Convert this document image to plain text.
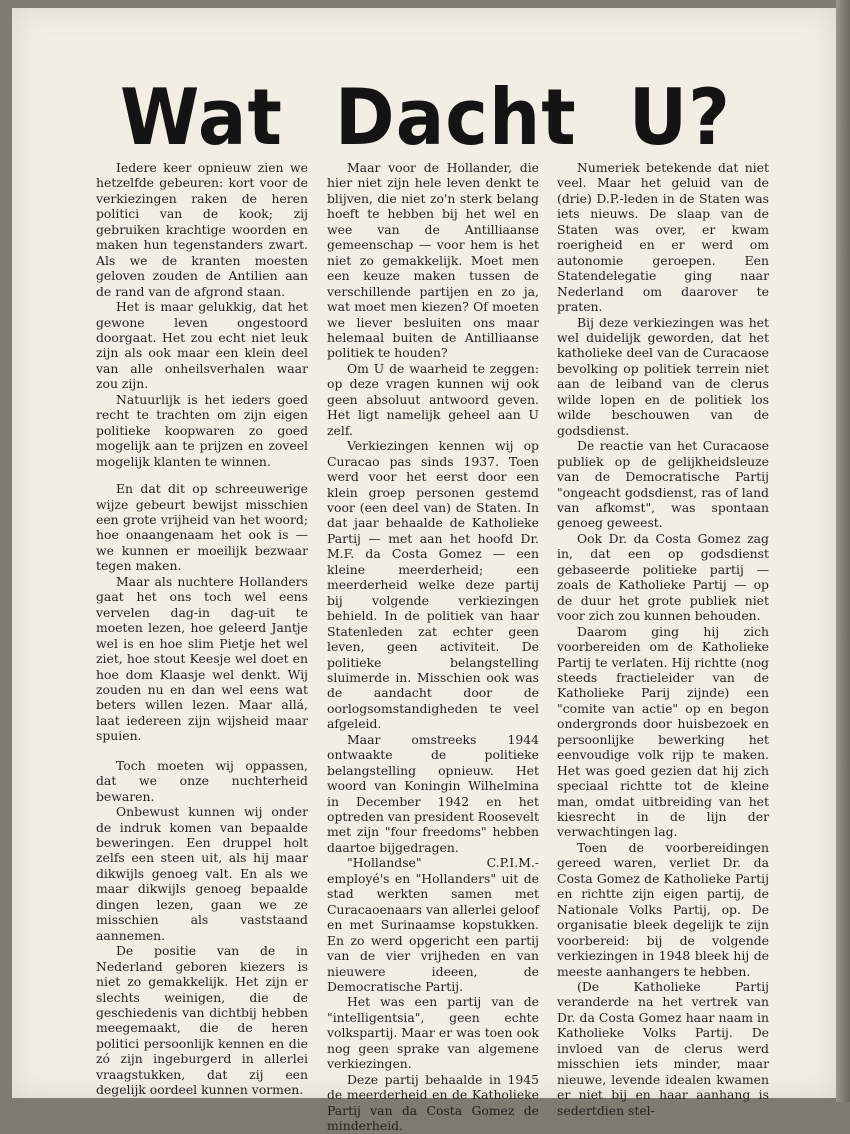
Wat Dacht U?

Iedere keer opnieuw zien we hetzelfde gebeuren: kort voor de verkiezingen raken de heren politici van de kook; zij gebruiken krachtige woorden en maken hun tegenstanders zwart. Als we de kranten moesten geloven zouden de Antilien aan de rand van de afgrond staan.

Het is maar gelukkig, dat het gewone leven ongestoord doorgaat. Het zou echt niet leuk zijn als ook maar een klein deel van alle onheilsverhalen waar zou zijn.

Natuurlijk is het ieders goed recht te trachten om zijn eigen politieke koopwaren zo goed mogelijk aan te prijzen en zoveel mogelijk klanten te winnen.

En dat dit op schreeuwerige wijze gebeurt bewijst misschien een grote vrijheid van het woord; hoe onaangenaam het ook is — we kunnen er moeilijk bezwaar tegen maken.

Maar als nuchtere Hollanders gaat het ons toch wel eens vervelen dag-in dag-uit te moeten lezen, hoe geleerd Jantje wel is en hoe slim Pietje het wel ziet, hoe stout Keesje wel doet en hoe dom Klaasje wel denkt. Wij zouden nu en dan wel eens wat beters willen lezen. Maar allá, laat iedereen zijn wijsheid maar spuien.

Toch moeten wij oppassen, dat we onze nuchterheid bewaren.

Onbewust kunnen wij onder de indruk komen van bepaalde beweringen. Een druppel holt zelfs een steen uit, als hij maar dikwijls genoeg valt. En als we maar dikwijls genoeg bepaalde dingen lezen, gaan we ze misschien als vaststaand aannemen.

De positie van de in Nederland geboren kiezers is niet zo gemakkelijk. Het zijn er slechts weinigen, die de geschiedenis van dichtbij hebben meegemaakt, die de heren politici persoonlijk kennen en die zó zijn ingeburgerd in allerlei vraagstukken, dat zij een degelijk oordeel kunnen vormen.

Maar voor de Hollander, die hier niet zijn hele leven denkt te blijven, die niet zo'n sterk belang hoeft te hebben bij het wel en wee van de Antilliaanse gemeenschap — voor hem is het niet zo gemakkelijk. Moet men een keuze maken tussen de verschillende partijen en zo ja, wat moet men kiezen? Of moeten we liever besluiten ons maar helemaal buiten de Antilliaanse politiek te houden?

Om U de waarheid te zeggen: op deze vragen kunnen wij ook geen absoluut antwoord geven. Het ligt namelijk geheel aan U zelf.

Verkiezingen kennen wij op Curacao pas sinds 1937. Toen werd voor het eerst door een klein groep personen gestemd voor (een deel van) de Staten. In dat jaar behaalde de Katholieke Partij — met aan het hoofd Dr. M.F. da Costa Gomez — een kleine meerderheid; een meerderheid welke deze partij bij volgende verkiezingen behield. In de politiek van haar Statenleden zat echter geen leven, geen activiteit. De politieke belangstelling sluimerde in. Misschien ook was de aandacht door de oorlogsomstandigheden te veel afgeleid.

Maar omstreeks 1944 ontwaakte de politieke belangstelling opnieuw. Het woord van Koningin Wilhelmina in December 1942 en het optreden van president Roosevelt met zijn "four freedoms" hebben daartoe bijgedragen.

"Hollandse" C.P.I.M.-employé's en "Hollanders" uit de stad werkten samen met Curacaoenaars van allerlei geloof en met Surinaamse kopstukken. En zo werd opgericht een partij van de vier vrijheden en van nieuwere ideeen, de Democratische Partij.

Het was een partij van de "intelligentsia", geen echte volkspartij. Maar er was toen ook nog geen sprake van algemene verkiezingen.

Deze partij behaalde in 1945 de meerderheid en de Katholieke Partij van da Costa Gomez de minderheid.

Numeriek betekende dat niet veel. Maar het geluid van de (drie) D.P.-leden in de Staten was iets nieuws. De slaap van de Staten was over, er kwam roerigheid en er werd om autonomie geroepen. Een Statendelegatie ging naar Nederland om daarover te praten.

Bij deze verkiezingen was het wel duidelijk geworden, dat het katholieke deel van de Curacaose bevolking op politiek terrein niet aan de leiband van de clerus wilde lopen en de politiek los wilde beschouwen van de godsdienst.

De reactie van het Curacaose publiek op de gelijkheidsleuze van de Democratische Partij "ongeacht godsdienst, ras of land van afkomst", was spontaan genoeg geweest.

Ook Dr. da Costa Gomez zag in, dat een op godsdienst gebaseerde politieke partij — zoals de Katholieke Partij — op de duur het grote publiek niet voor zich zou kunnen behouden.

Daarom ging hij zich voorbereiden om de Katholieke Partij te verlaten. Hij richtte (nog steeds fractieleider van de Katholieke Parij zijnde) een "comite van actie" op en begon ondergronds door huisbezoek en persoonlijke bewerking het eenvoudige volk rijp te maken. Het was goed gezien dat hij zich speciaal richtte tot de kleine man, omdat uitbreiding van het kiesrecht in de lijn der verwachtingen lag.

Toen de voorbereidingen gereed waren, verliet Dr. da Costa Gomez de Katholieke Partij en richtte zijn eigen partij, de Nationale Volks Partij, op. De organisatie bleek degelijk te zijn voorbereid: bij de volgende verkiezingen in 1948 bleek hij de meeste aanhangers te hebben.

(De Katholieke Partij veranderde na het vertrek van Dr. da Costa Gomez haar naam in Katholieke Volks Partij. De invloed van de clerus werd misschien iets minder, maar nieuwe, levende idealen kwamen er niet bij en haar aanhang is sedertdien stel-
